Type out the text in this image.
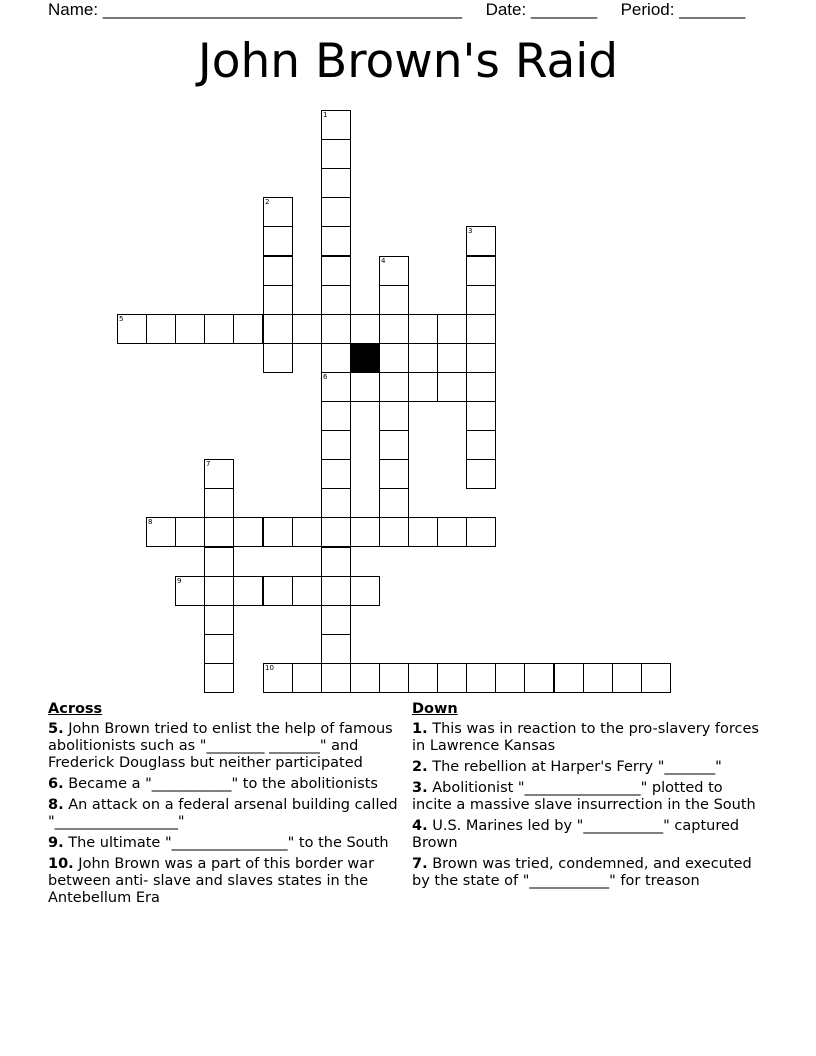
Name: ______________________________________ Date: _______ Period: _______
John Brown's Raid
1
6
2
3
4
5
7
8
9
10
Across
5. John Brown tried to enlist the help of famous abolitionists such as "________ _______" and Frederick Douglass but neither participated
6. Became a "___________" to the abolitionists
8. An attack on a federal arsenal building called "_________________"
9. The ultimate "________________" to the South
10. John Brown was a part of this border war between anti- slave and slaves states in the Antebellum Era
Down
1. This was in reaction to the pro-slavery forces in Lawrence Kansas
2. The rebellion at Harper's Ferry "_______"
3. Abolitionist "________________" plotted to incite a massive slave insurrection in the South
4. U.S. Marines led by "___________" captured Brown
7. Brown was tried, condemned, and executed by the state of "___________" for treason
